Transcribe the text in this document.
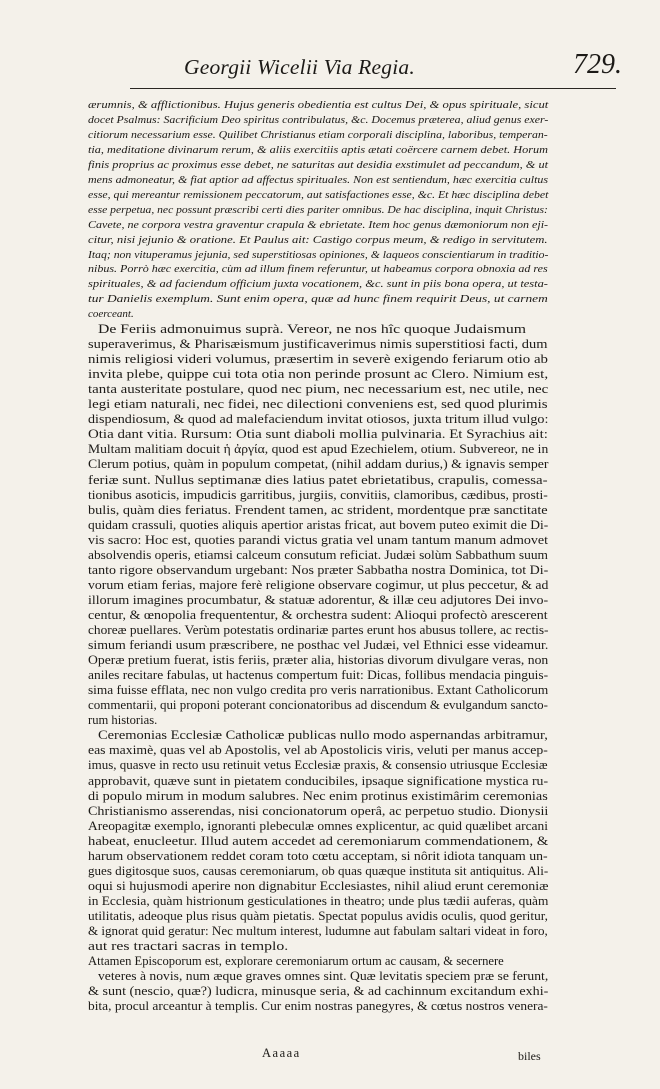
Georgii Wicelii Via Regia.	729.
ærumnis, & afflictionibus. Hujus generis obedientia est cultus Dei, & opus spirituale, sicut
docet Psalmus: Sacrificium Deo spiritus contribulatus, &c. Docemus præterea, aliud genus exer-
citiorum necessarium esse. Quilibet Christianus etiam corporali disciplina, laboribus, temperan-
tia, meditatione divinarum rerum, & aliis exercitiis aptis ætati coërcere carnem debet. Horum
finis proprius ac proximus esse debet, ne saturitas aut desidia exstimulet ad peccandum, & ut
mens admoneatur, & fiat aptior ad affectus spirituales. Non est sentiendum, hæc exercitia cultus
esse, qui mereantur remissionem peccatorum, aut satisfactiones esse, &c. Et hæc disciplina debet
esse perpetua, nec possunt præscribi certi dies pariter omnibus. De hac disciplina, inquit Christus:
Cavete, ne corpora vestra graventur crapula & ebrietate. Item hoc genus dæmoniorum non eji-
citur, nisi jejunio & oratione. Et Paulus ait: Castigo corpus meum, & redigo in servitutem.
Itaq; non vituperamus jejunia, sed superstitiosas opiniones, & laqueos conscientiarum in traditio-
nibus. Porrò hæc exercitia, cùm ad illum finem referuntur, ut habeamus corpora obnoxia ad res
spirituales, & ad faciendum officium juxta vocationem, &c. sunt in piis bona opera, ut testa-
tur Danielis exemplum. Sunt enim opera, quæ ad hunc finem requirit Deus, ut carnem
coerceant.
De Feriis admonuimus suprà. Vereor, ne nos hîc quoque Judaismum
superaverimus, & Pharisæismum justificaverimus nimis superstitiosi facti, dum
nimis religiosi videri volumus, præsertim in severè exigendo feriarum otio ab
invita plebe, quippe cui tota otia non perinde prosunt ac Clero. Nimium est,
tanta austeritate postulare, quod nec pium, nec necessarium est, nec utile, nec
legi etiam naturali, nec fidei, nec dilectioni conveniens est, sed quod plurimis
dispendiosum, & quod ad malefaciendum invitat otiosos, juxta tritum illud vulgo:
Otia dant vitia. Rursum: Otia sunt diaboli mollia pulvinaria. Et Syrachius ait:
Multam malitiam docuit ἡ ἀργία, quod est apud Ezechielem, otium. Subvereor, ne in
Clerum potius, quàm in populum competat, (nihil addam durius,) & ignavis semper
feriæ sunt. Nullus septimanæ dies latius patet ebrietatibus, crapulis, comessa-
tionibus asoticis, impudicis garritibus, jurgiis, convitiis, clamoribus, cædibus, prosti-
bulis, quàm dies feriatus. Frendent tamen, ac strident, mordentque præ sanctitate
quidam crassuli, quoties aliquis apertior aristas fricat, aut bovem puteo eximit die Di-
vis sacro: Hoc est, quoties parandi victus gratia vel unam tantum manum admovet
absolvendis operis, etiamsi calceum consutum reficiat. Judæi solùm Sabbathum suum
tanto rigore observandum urgebant: Nos præter Sabbatha nostra Dominica, tot Di-
vorum etiam ferias, majore ferè religione observare cogimur, ut plus peccetur, & ad
illorum imagines procumbatur, & statuæ adorentur, & illæ ceu adjutores Dei invo-
centur, & œnopolia frequententur, & orchestra sudent: Alioqui profectò arescerent
choreæ puellares. Verùm potestatis ordinariæ partes erunt hos abusus tollere, ac rectis-
simum feriandi usum præscribere, ne posthac vel Judæi, vel Ethnici esse videamur.
Operæ pretium fuerat, istis feriis, præter alia, historias divorum divulgare veras, non
aniles recitare fabulas, ut hactenus compertum fuit: Dicas, follibus mendacia pinguis-
sima fuisse efflata, nec non vulgo credita pro veris narrationibus. Extant Catholicorum
commentarii, qui proponi poterant concionatoribus ad discendum & evulgandum sancto-
rum historias.
Ceremonias Ecclesiæ Catholicæ publicas nullo modo aspernandas arbitramur,
eas maximè, quas vel ab Apostolis, vel ab Apostolicis viris, veluti per manus accep-
imus, quasve in recto usu retinuit vetus Ecclesiæ praxis, & consensio utriusque Ecclesiæ
approbavit, quæve sunt in pietatem conducibiles, ipsaque significatione mystica ru-
di populo mirum in modum salubres. Nec enim protinus existimârim ceremonias
Christianismo asserendas, nisi concionatorum operâ, ac perpetuo studio. Dionysii
Areopagitæ exemplo, ignoranti plebeculæ omnes explicentur, ac quid quælibet arcani
habeat, enucleetur. Illud autem accedet ad ceremoniarum commendationem, &
harum observationem reddet coram toto cœtu acceptam, si nôrit idiota tanquam un-
gues digitosque suos, causas ceremoniarum, ob quas quæque instituta sit antiquitus. Ali-
oqui si hujusmodi aperire non dignabitur Ecclesiastes, nihil aliud erunt ceremoniæ
in Ecclesia, quàm histrionum gesticulationes in theatro; unde plus tædii auferas, quàm
utilitatis, adeoque plus risus quàm pietatis. Spectat populus avidis oculis, quod geritur,
& ignorat quid geratur: Nec multum interest, ludumne aut fabulam saltari videat in foro,
aut res tractari sacras in templo.
Attamen Episcoporum est, explorare ceremoniarum ortum ac causam, & secernere
veteres à novis, num æque graves omnes sint. Quæ levitatis speciem præ se ferunt,
& sunt (nescio, quæ?) ludicra, minusque seria, & ad cachinnum excitandum exhi-
bita, procul arceantur à templis. Cur enim nostras panegyres, & cœtus nostros venera-
Aaaaa	biles
